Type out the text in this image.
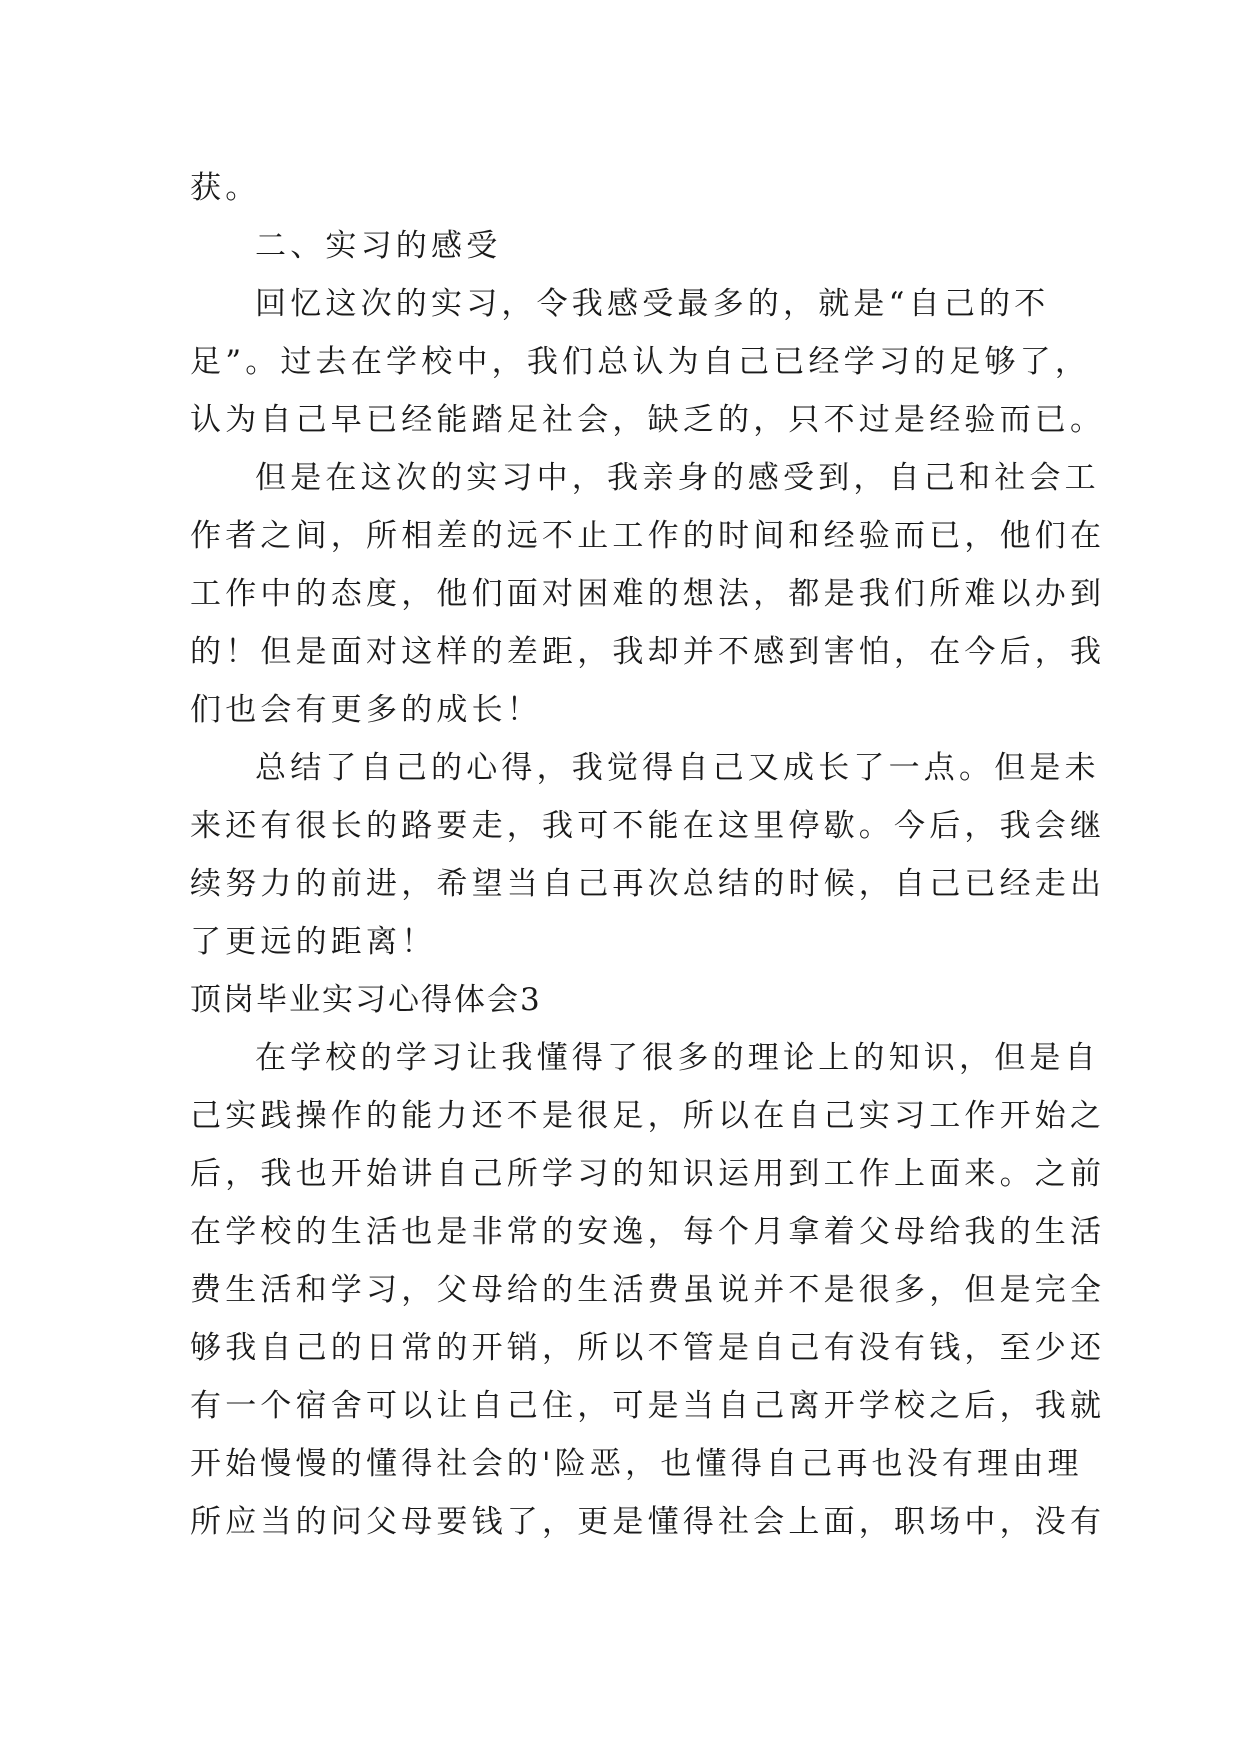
获。
二、实习的感受
回忆这次的实习，令我感受最多的，就是“自己的不
足”。过去在学校中，我们总认为自己已经学习的足够了，
认为自己早已经能踏足社会，缺乏的，只不过是经验而已。
但是在这次的实习中，我亲身的感受到，自己和社会工
作者之间，所相差的远不止工作的时间和经验而已，他们在
工作中的态度，他们面对困难的想法，都是我们所难以办到
的！但是面对这样的差距，我却并不感到害怕，在今后，我
们也会有更多的成长！
总结了自己的心得，我觉得自己又成长了一点。但是未
来还有很长的路要走，我可不能在这里停歇。今后，我会继
续努力的前进，希望当自己再次总结的时候，自己已经走出
了更远的距离！
顶岗毕业实习心得体会3
在学校的学习让我懂得了很多的理论上的知识，但是自
己实践操作的能力还不是很足，所以在自己实习工作开始之
后，我也开始讲自己所学习的知识运用到工作上面来。之前
在学校的生活也是非常的安逸，每个月拿着父母给我的生活
费生活和学习，父母给的生活费虽说并不是很多，但是完全
够我自己的日常的开销，所以不管是自己有没有钱，至少还
有一个宿舍可以让自己住，可是当自己离开学校之后，我就
开始慢慢的懂得社会的'险恶，也懂得自己再也没有理由理
所应当的问父母要钱了，更是懂得社会上面，职场中，没有
